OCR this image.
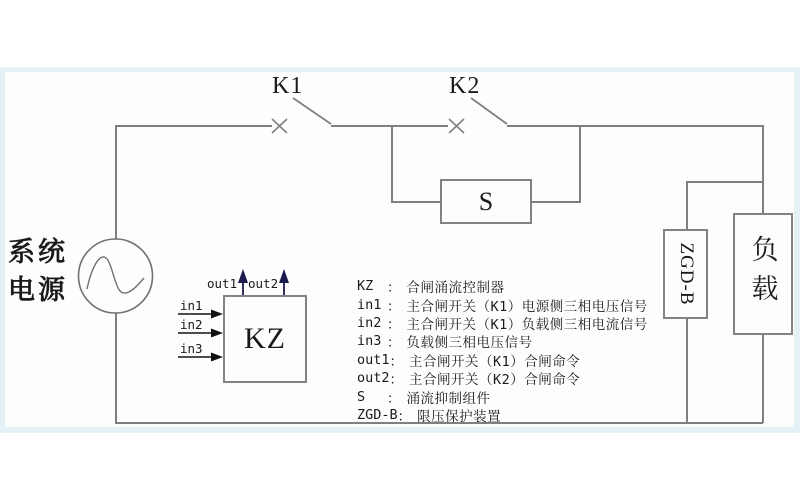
S
KZ
ZGD-B 负载
系统
电源
K1	K2
in1
in2
in3
out1 out2	KZ	： 合闸涌流控制器
in1 ： 主合闸开关（K1）电源侧三相电压信号
in2 ： 主合闸开关（K1）负载侧三相电流信号
in3 ： 负载侧三相电压信号
out1 ： 主合闸开关（K1）合闸命令
out2 ： 主合闸开关（K2）合闸命令
S	： 涌流抑制组件
ZGD-B ： 限压保护装置
